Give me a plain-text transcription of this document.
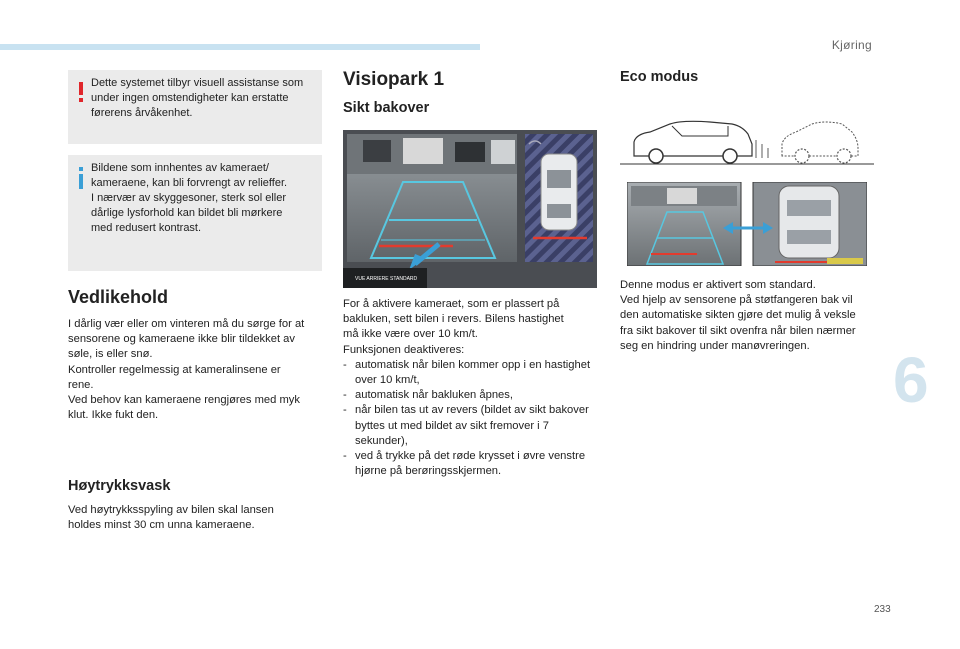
Kjøring
6
233

Dette systemet tilbyr visuell assistanse som under ingen omstendigheter kan erstatte førerens årvåkenhet.

Bildene som innhentes av kameraet/

kameraene, kan bli forvrengt av relieffer.

I nærvær av skyggesoner, sterk sol eller

dårlige lysforhold kan bildet bli mørkere

med redusert kontrast.

Vedlikehold

I dårlig vær eller om vinteren må du sørge for at

sensorene og kameraene ikke blir tildekket av

søle, is eller snø.

Kontroller regelmessig at kameralinsene er

rene.

Ved behov kan kameraene rengjøres med myk

klut. Ikke fukt den.

Høytrykksvask

Ved høytrykksspyling av bilen skal lansen

holdes minst 30 cm unna kameraene.

Visiopark 1
Sikt bakover
VUE ARRIERE STANDARD

For å aktivere kameraet, som er plassert på

bakluken, sett bilen i revers. Bilens hastighet

må ikke være over 10 km/t.

Funksjonen deaktiveres:

- automatisk når bilen kommer opp i en hastighet over 10 km/t,
- automatisk når bakluken åpnes,
- når bilen tas ut av revers (bildet av sikt bakover byttes ut med bildet av sikt fremover i 7 sekunder),
- ved å trykke på det røde krysset i øvre venstre hjørne på berøringsskjermen.
Eco modus

Denne modus er aktivert som standard.

Ved hjelp av sensorene på støtfangeren bak vil

den automatiske sikten gjøre det mulig å veksle

fra sikt bakover til sikt ovenfra når bilen nærmer

seg en hindring under manøvreringen.
